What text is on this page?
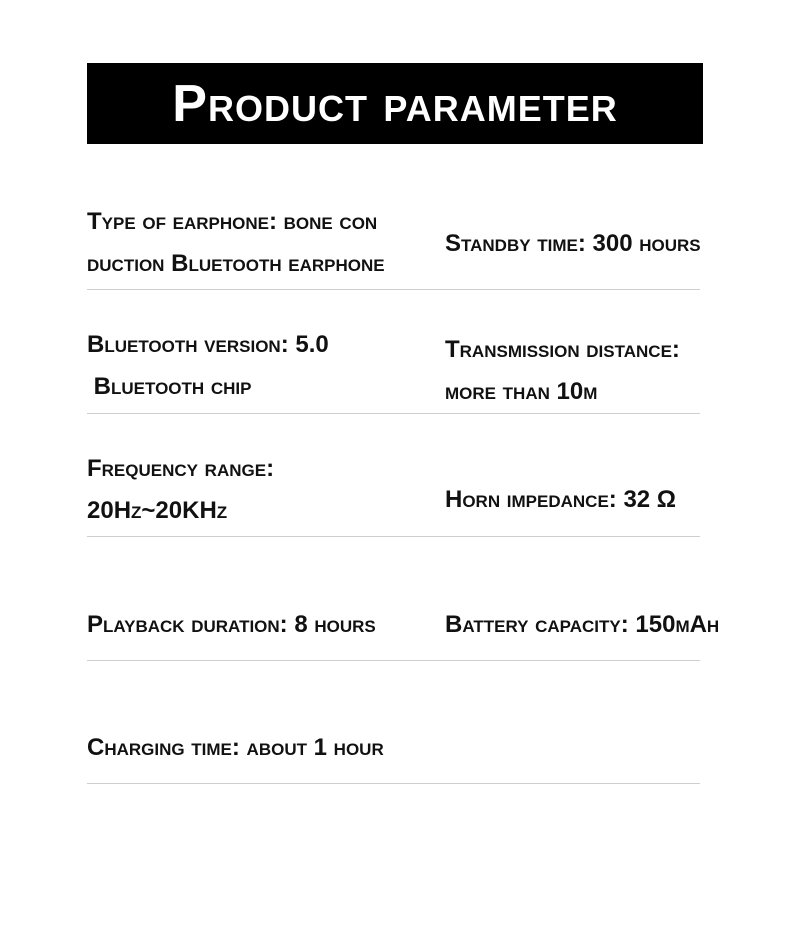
Product parameter
Type of earphone: bone con
duction Bluetooth earphone
Standby time: 300 hours
Bluetooth version: 5.0
Bluetooth chip
Transmission distance:
more than 10m
Frequency range:
20Hz~20KHz	Horn impedance: 32 Ω
Playback duration: 8 hours	Battery capacity: 150mAh
Charging time: about 1 hour
